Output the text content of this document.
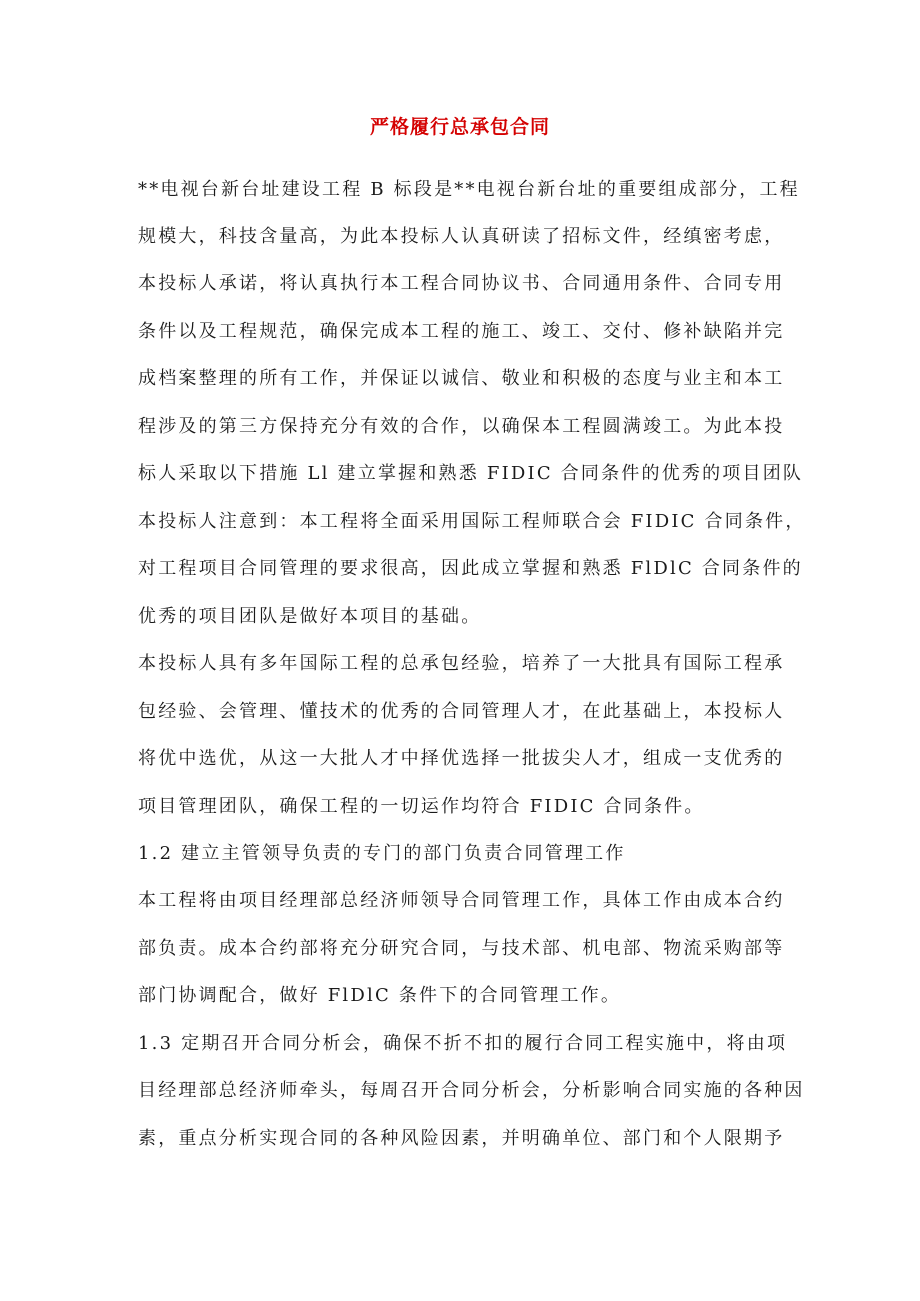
严格履行总承包合同
**电视台新台址建设工程 B 标段是**电视台新台址的重要组成部分，工程
规模大，科技含量高，为此本投标人认真研读了招标文件，经缜密考虑，
本投标人承诺，将认真执行本工程合同协议书、合同通用条件、合同专用
条件以及工程规范，确保完成本工程的施工、竣工、交付、修补缺陷并完
成档案整理的所有工作，并保证以诚信、敬业和积极的态度与业主和本工
程涉及的第三方保持充分有效的合作，以确保本工程圆满竣工。为此本投
标人采取以下措施 Ll 建立掌握和熟悉 FIDIC 合同条件的优秀的项目团队
本投标人注意到：本工程将全面采用国际工程师联合会 FIDIC 合同条件，
对工程项目合同管理的要求很高，因此成立掌握和熟悉 FlDlC 合同条件的
优秀的项目团队是做好本项目的基础。
本投标人具有多年国际工程的总承包经验，培养了一大批具有国际工程承
包经验、会管理、懂技术的优秀的合同管理人才，在此基础上，本投标人
将优中选优，从这一大批人才中择优选择一批拔尖人才，组成一支优秀的
项目管理团队，确保工程的一切运作均符合 FIDIC 合同条件。
1.2 建立主管领导负责的专门的部门负责合同管理工作
本工程将由项目经理部总经济师领导合同管理工作，具体工作由成本合约
部负责。成本合约部将充分研究合同，与技术部、机电部、物流采购部等
部门协调配合，做好 FlDlC 条件下的合同管理工作。
1.3 定期召开合同分析会，确保不折不扣的履行合同工程实施中，将由项
目经理部总经济师牵头，每周召开合同分析会，分析影响合同实施的各种因
素，重点分析实现合同的各种风险因素，并明确单位、部门和个人限期予
